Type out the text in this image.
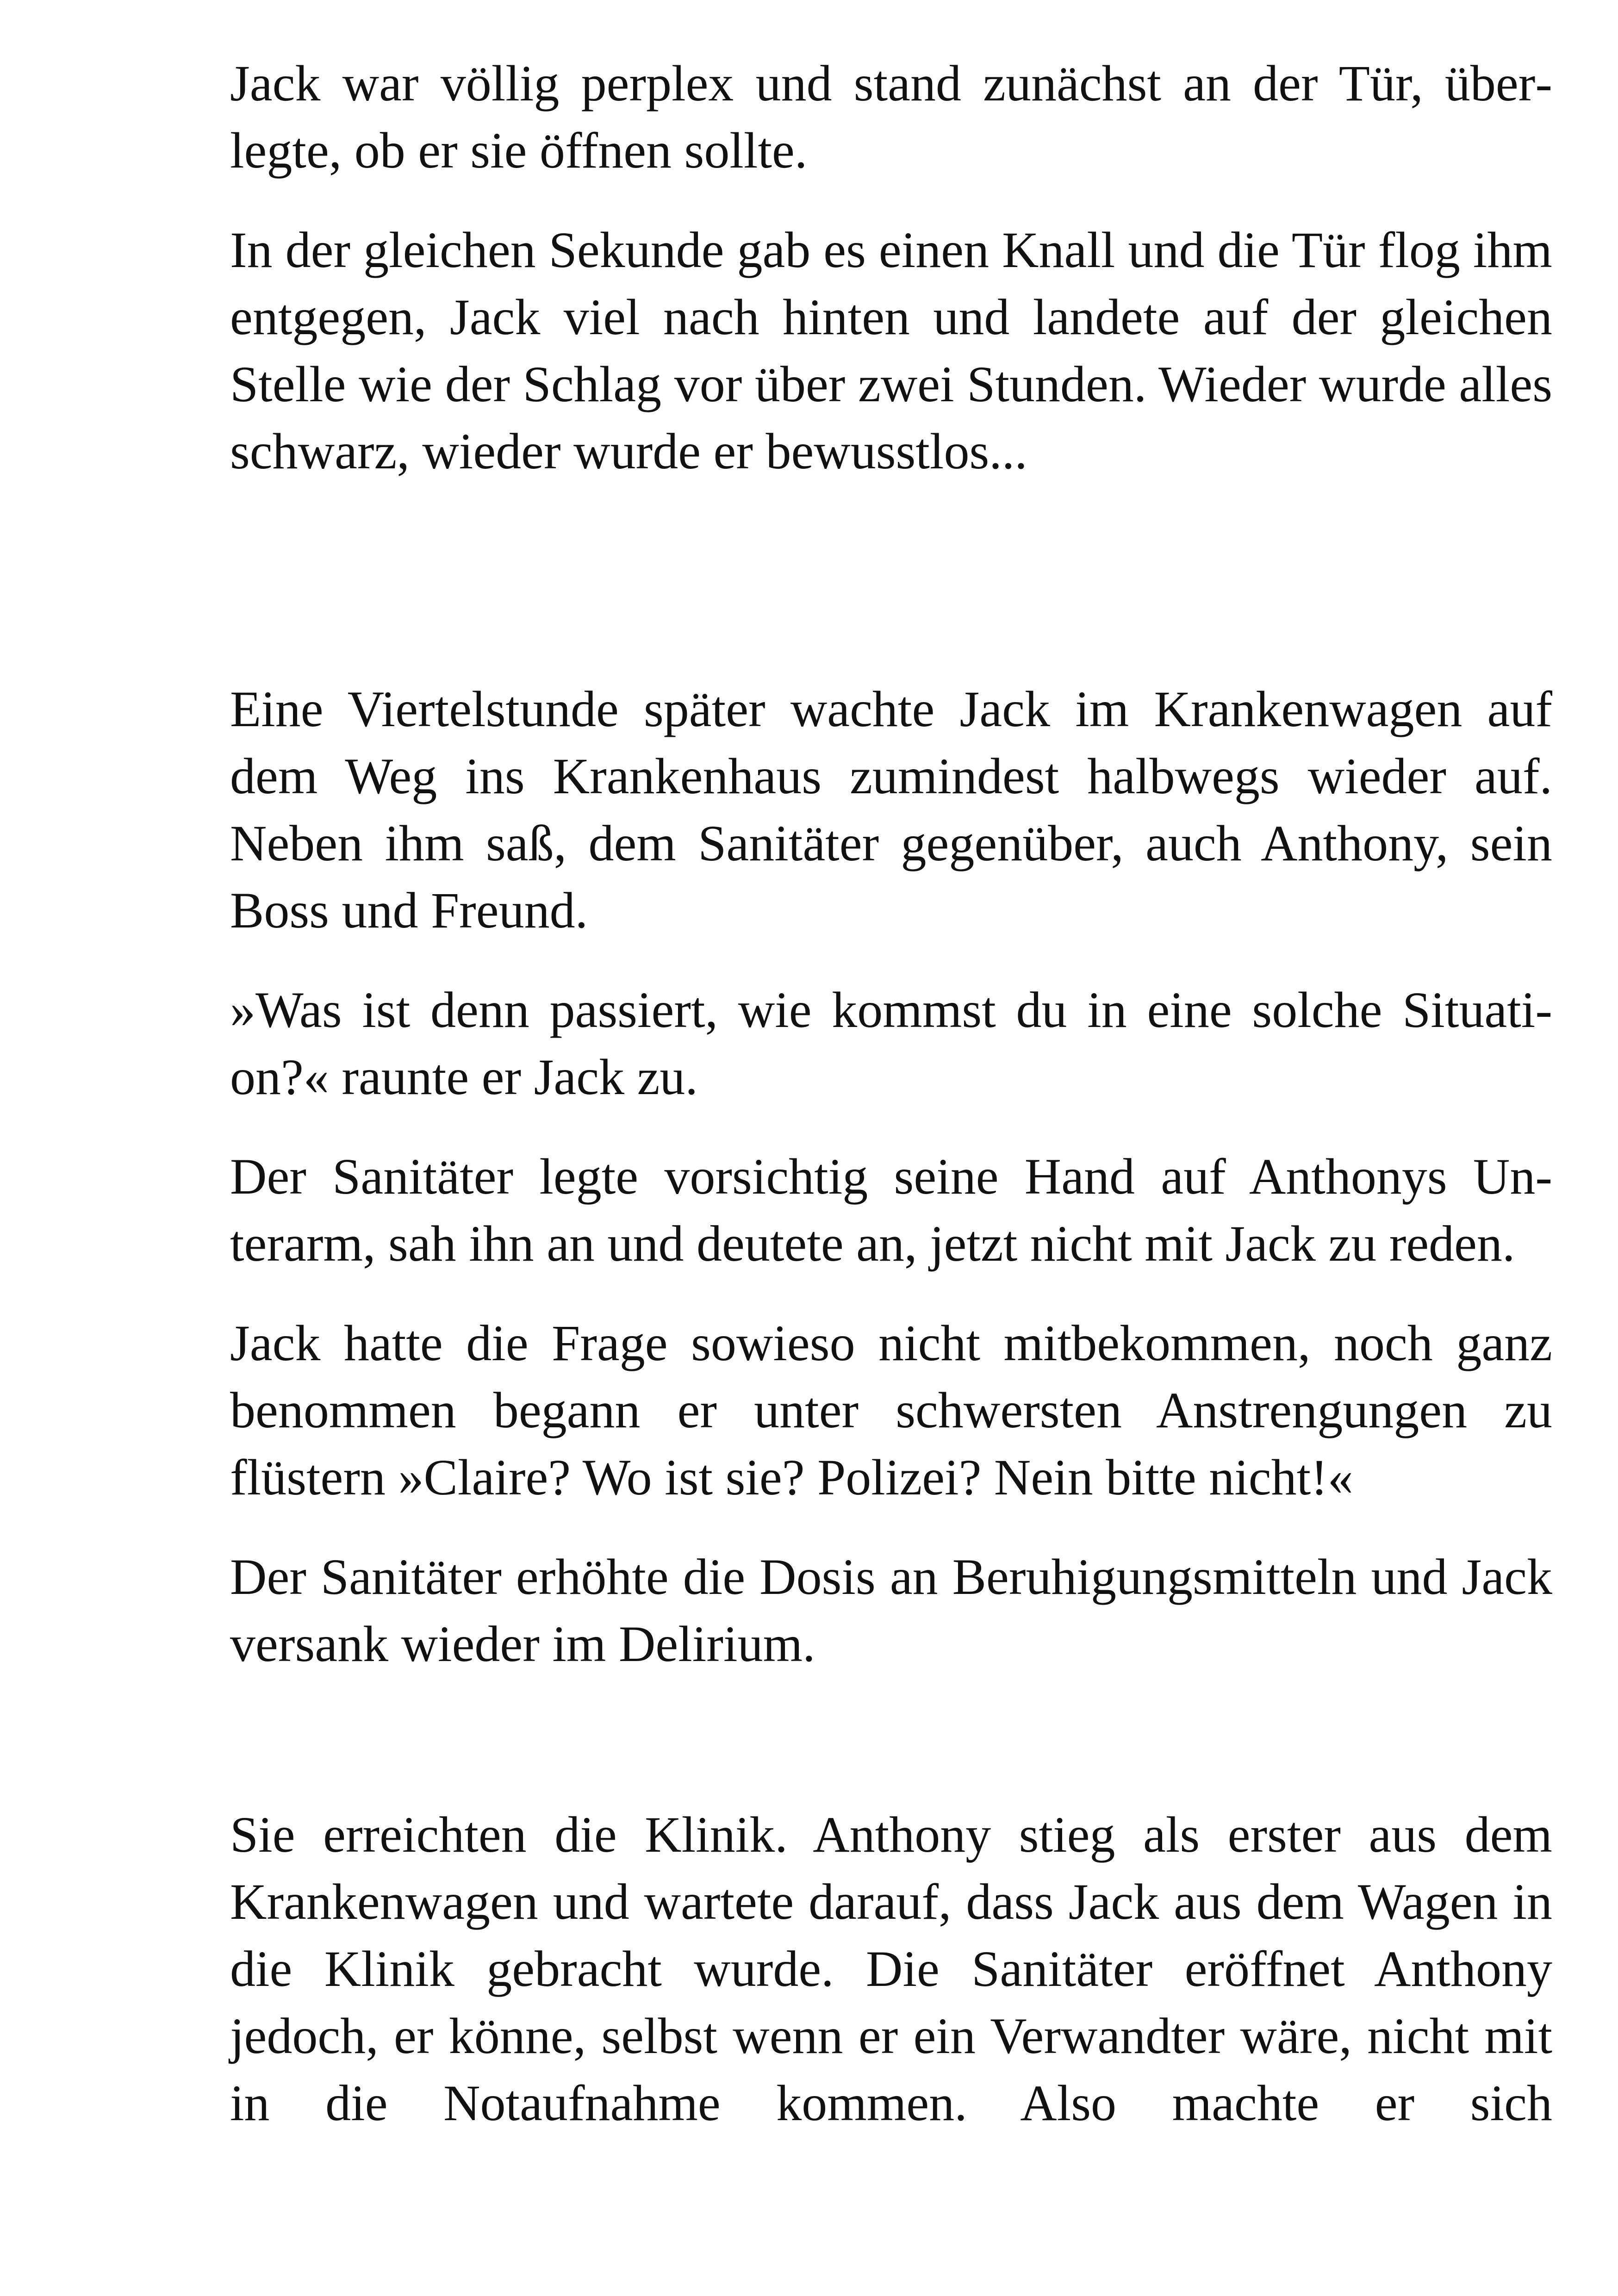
Jack war völlig perplex und stand zunächst an der Tür, überlegte, ob er sie öffnen sollte.

In der gleichen Sekunde gab es einen Knall und die Tür flog ihm entgegen, Jack viel nach hinten und landete auf der gleichen Stelle wie der Schlag vor über zwei Stunden. Wieder wurde alles schwarz, wieder wurde er bewusstlos...

Eine Viertelstunde später wachte Jack im Krankenwagen auf dem Weg ins Krankenhaus zumindest halbwegs wieder auf. Neben ihm saß, dem Sanitäter gegenüber, auch Anthony, sein Boss und Freund.

»Was ist denn passiert, wie kommst du in eine solche Situation?« raunte er Jack zu.

Der Sanitäter legte vorsichtig seine Hand auf Anthonys Unterarm, sah ihn an und deutete an, jetzt nicht mit Jack zu reden.

Jack hatte die Frage sowieso nicht mitbekommen, noch ganz benommen begann er unter schwersten Anstrengungen zu flüstern »Claire? Wo ist sie? Polizei? Nein bitte nicht!«

Der Sanitäter erhöhte die Dosis an Beruhigungsmitteln und Jack versank wieder im Delirium.

Sie erreichten die Klinik. Anthony stieg als erster aus dem Krankenwagen und wartete darauf, dass Jack aus dem Wagen in die Klinik gebracht wurde. Die Sanitäter eröffnet Anthony jedoch, er könne, selbst wenn er ein Verwandter wäre, nicht mit in die Notaufnahme kommen. Also machte er sich
